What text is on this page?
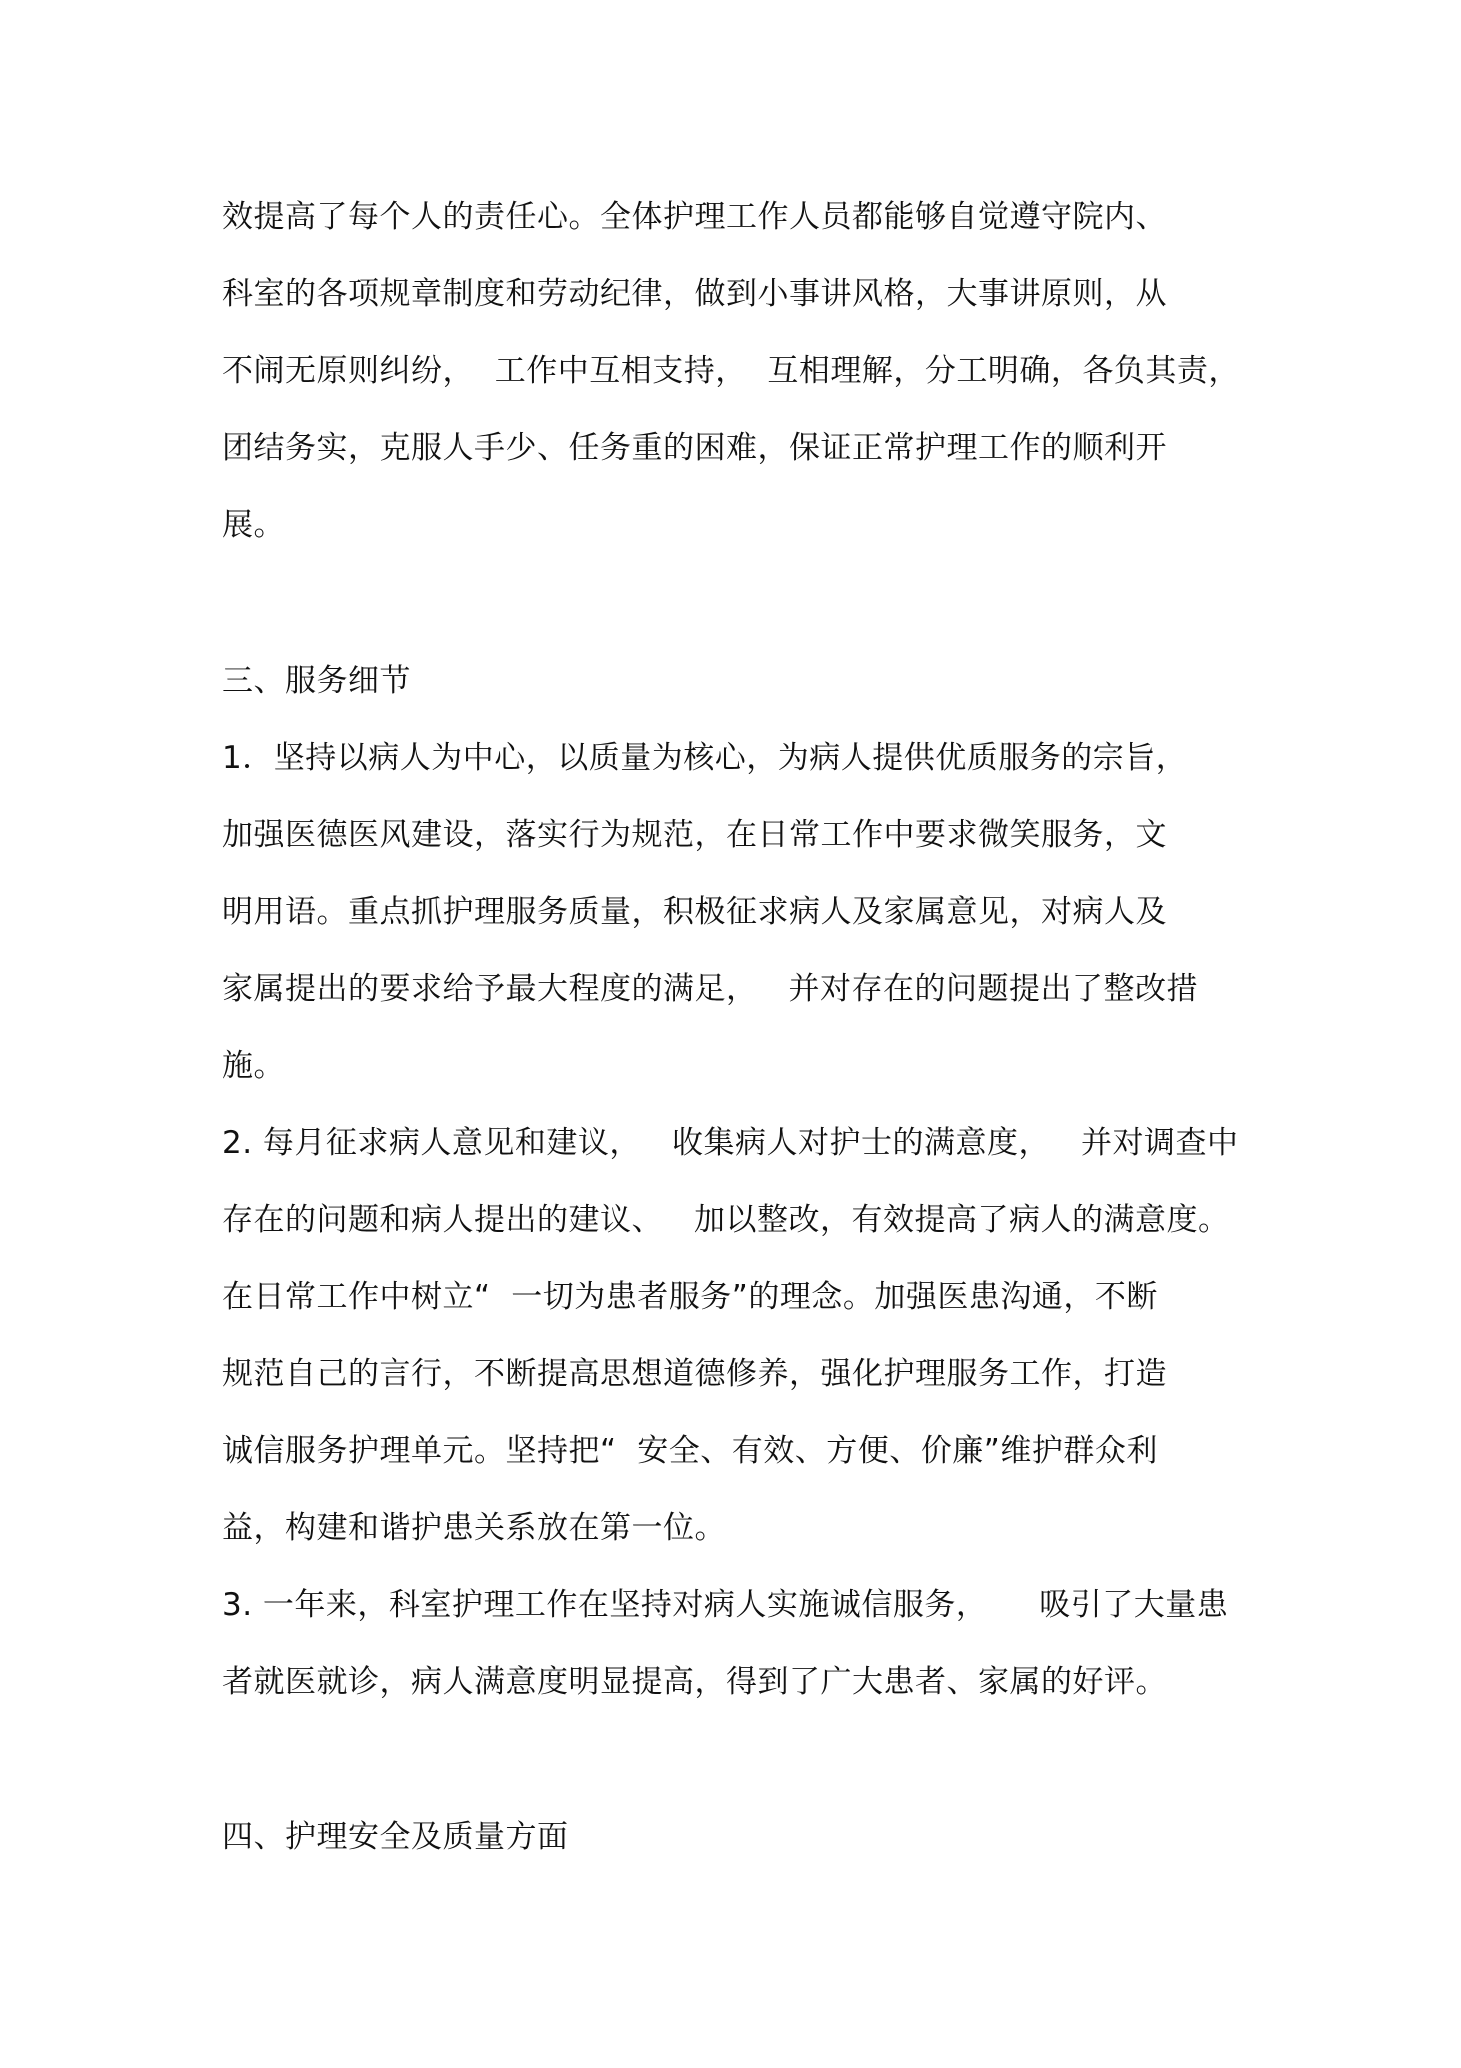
效提高了每个人的责任心。全体护理工作人员都能够自觉遵守院内、
科室的各项规章制度和劳动纪律，做到小事讲风格，大事讲原则，从
不闹无原则纠纷，  工作中互相支持，  互相理解，分工明确，各负其责，
团结务实，克服人手少、任务重的困难，保证正常护理工作的顺利开
展。
三、服务细节
1．坚持以病人为中心，以质量为核心，为病人提供优质服务的宗旨，
加强医德医风建设，落实行为规范，在日常工作中要求微笑服务，文
明用语。重点抓护理服务质量，积极征求病人及家属意见，对病人及
家属提出的要求给予最大程度的满足，   并对存在的问题提出了整改措
施。
2. 每月征求病人意见和建议，   收集病人对护士的满意度，   并对调查中
存在的问题和病人提出的建议、   加以整改，有效提高了病人的满意度。
在日常工作中树立“  一切为患者服务”的理念。加强医患沟通，不断
规范自己的言行，不断提高思想道德修养，强化护理服务工作，打造
诚信服务护理单元。坚持把“  安全、有效、方便、价廉”维护群众利
益，构建和谐护患关系放在第一位。
3. 一年来，科室护理工作在坚持对病人实施诚信服务，     吸引了大量患
者就医就诊，病人满意度明显提高，得到了广大患者、家属的好评。
四、护理安全及质量方面
